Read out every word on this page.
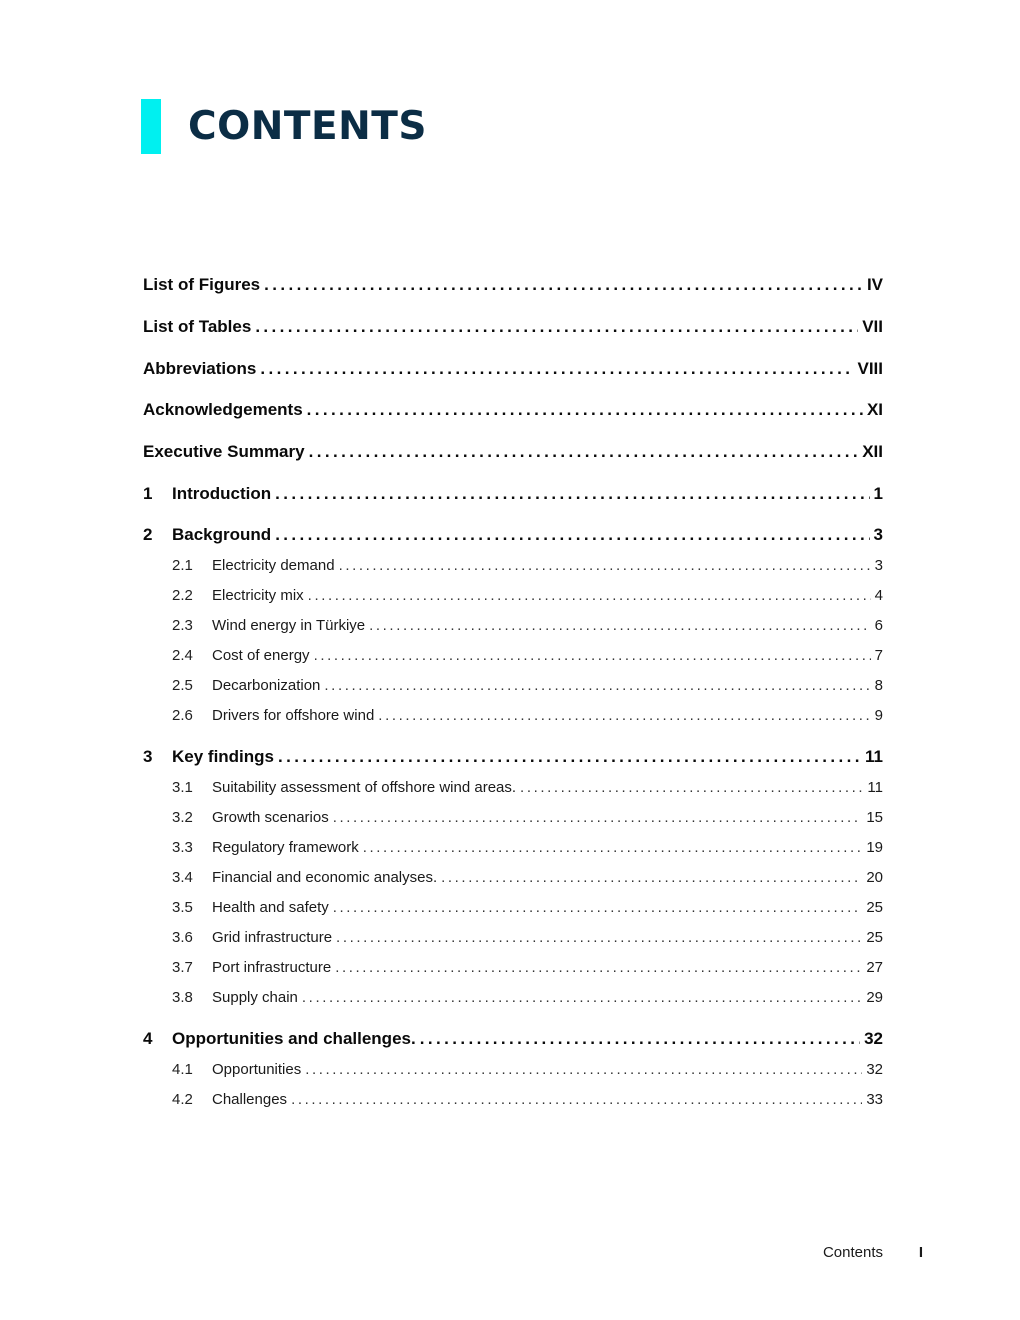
CONTENTS
List of Figures .....	IV
List of Tables .....	VII
Abbreviations .....	VIII
Acknowledgements .....	XI
Executive Summary .....	XII
1	Introduction .....	1
2	Background .....	3
2.1	Electricity demand .....	3
2.2	Electricity mix .....	4
2.3	Wind energy in Türkiye .....	6
2.4	Cost of energy .....	7
2.5	Decarbonization .....	8
2.6	Drivers for offshore wind .....	9
3	Key findings .....	11
3.1	Suitability assessment of offshore wind areas. .....	11
3.2	Growth scenarios .....	15
3.3	Regulatory framework .....	19
3.4	Financial and economic analyses. .....	20
3.5	Health and safety .....	25
3.6	Grid infrastructure .....	25
3.7	Port infrastructure .....	27
3.8	Supply chain .....	29
4	Opportunities and challenges. .....	32
4.1	Opportunities .....	32
4.2	Challenges .....	33
Contents I
